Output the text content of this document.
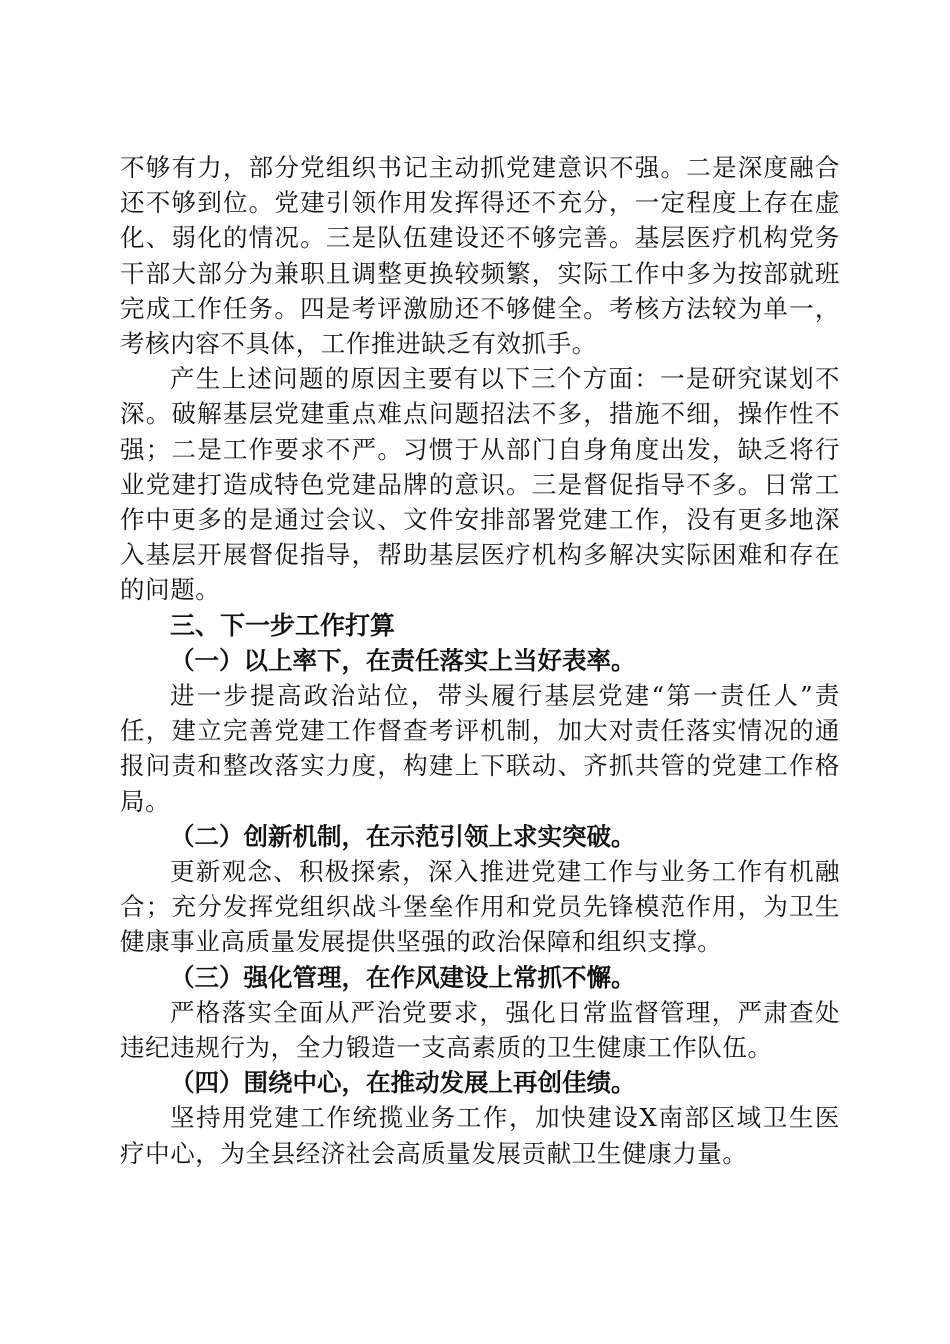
不够有力，部分党组织书记主动抓党建意识不强。二是深度融合还不够到位。党建引领作用发挥得还不充分，一定程度上存在虚化、弱化的情况。三是队伍建设还不够完善。基层医疗机构党务干部大部分为兼职且调整更换较频繁，实际工作中多为按部就班完成工作任务。四是考评激励还不够健全。考核方法较为单一，考核内容不具体，工作推进缺乏有效抓手。

产生上述问题的原因主要有以下三个方面：一是研究谋划不深。破解基层党建重点难点问题招法不多，措施不细，操作性不强；二是工作要求不严。习惯于从部门自身角度出发，缺乏将行业党建打造成特色党建品牌的意识。三是督促指导不多。日常工作中更多的是通过会议、文件安排部署党建工作，没有更多地深入基层开展督促指导，帮助基层医疗机构多解决实际困难和存在的问题。

三、下一步工作打算

（一）以上率下，在责任落实上当好表率。

进一步提高政治站位，带头履行基层党建“第一责任人”责任，建立完善党建工作督查考评机制，加大对责任落实情况的通报问责和整改落实力度，构建上下联动、齐抓共管的党建工作格局。

（二）创新机制，在示范引领上求实突破。

更新观念、积极探索，深入推进党建工作与业务工作有机融合；充分发挥党组织战斗堡垒作用和党员先锋模范作用，为卫生健康事业高质量发展提供坚强的政治保障和组织支撑。

（三）强化管理，在作风建设上常抓不懈。

严格落实全面从严治党要求，强化日常监督管理，严肃查处违纪违规行为，全力锻造一支高素质的卫生健康工作队伍。

（四）围绕中心，在推动发展上再创佳绩。

坚持用党建工作统揽业务工作，加快建设X南部区域卫生医疗中心，为全县经济社会高质量发展贡献卫生健康力量。
